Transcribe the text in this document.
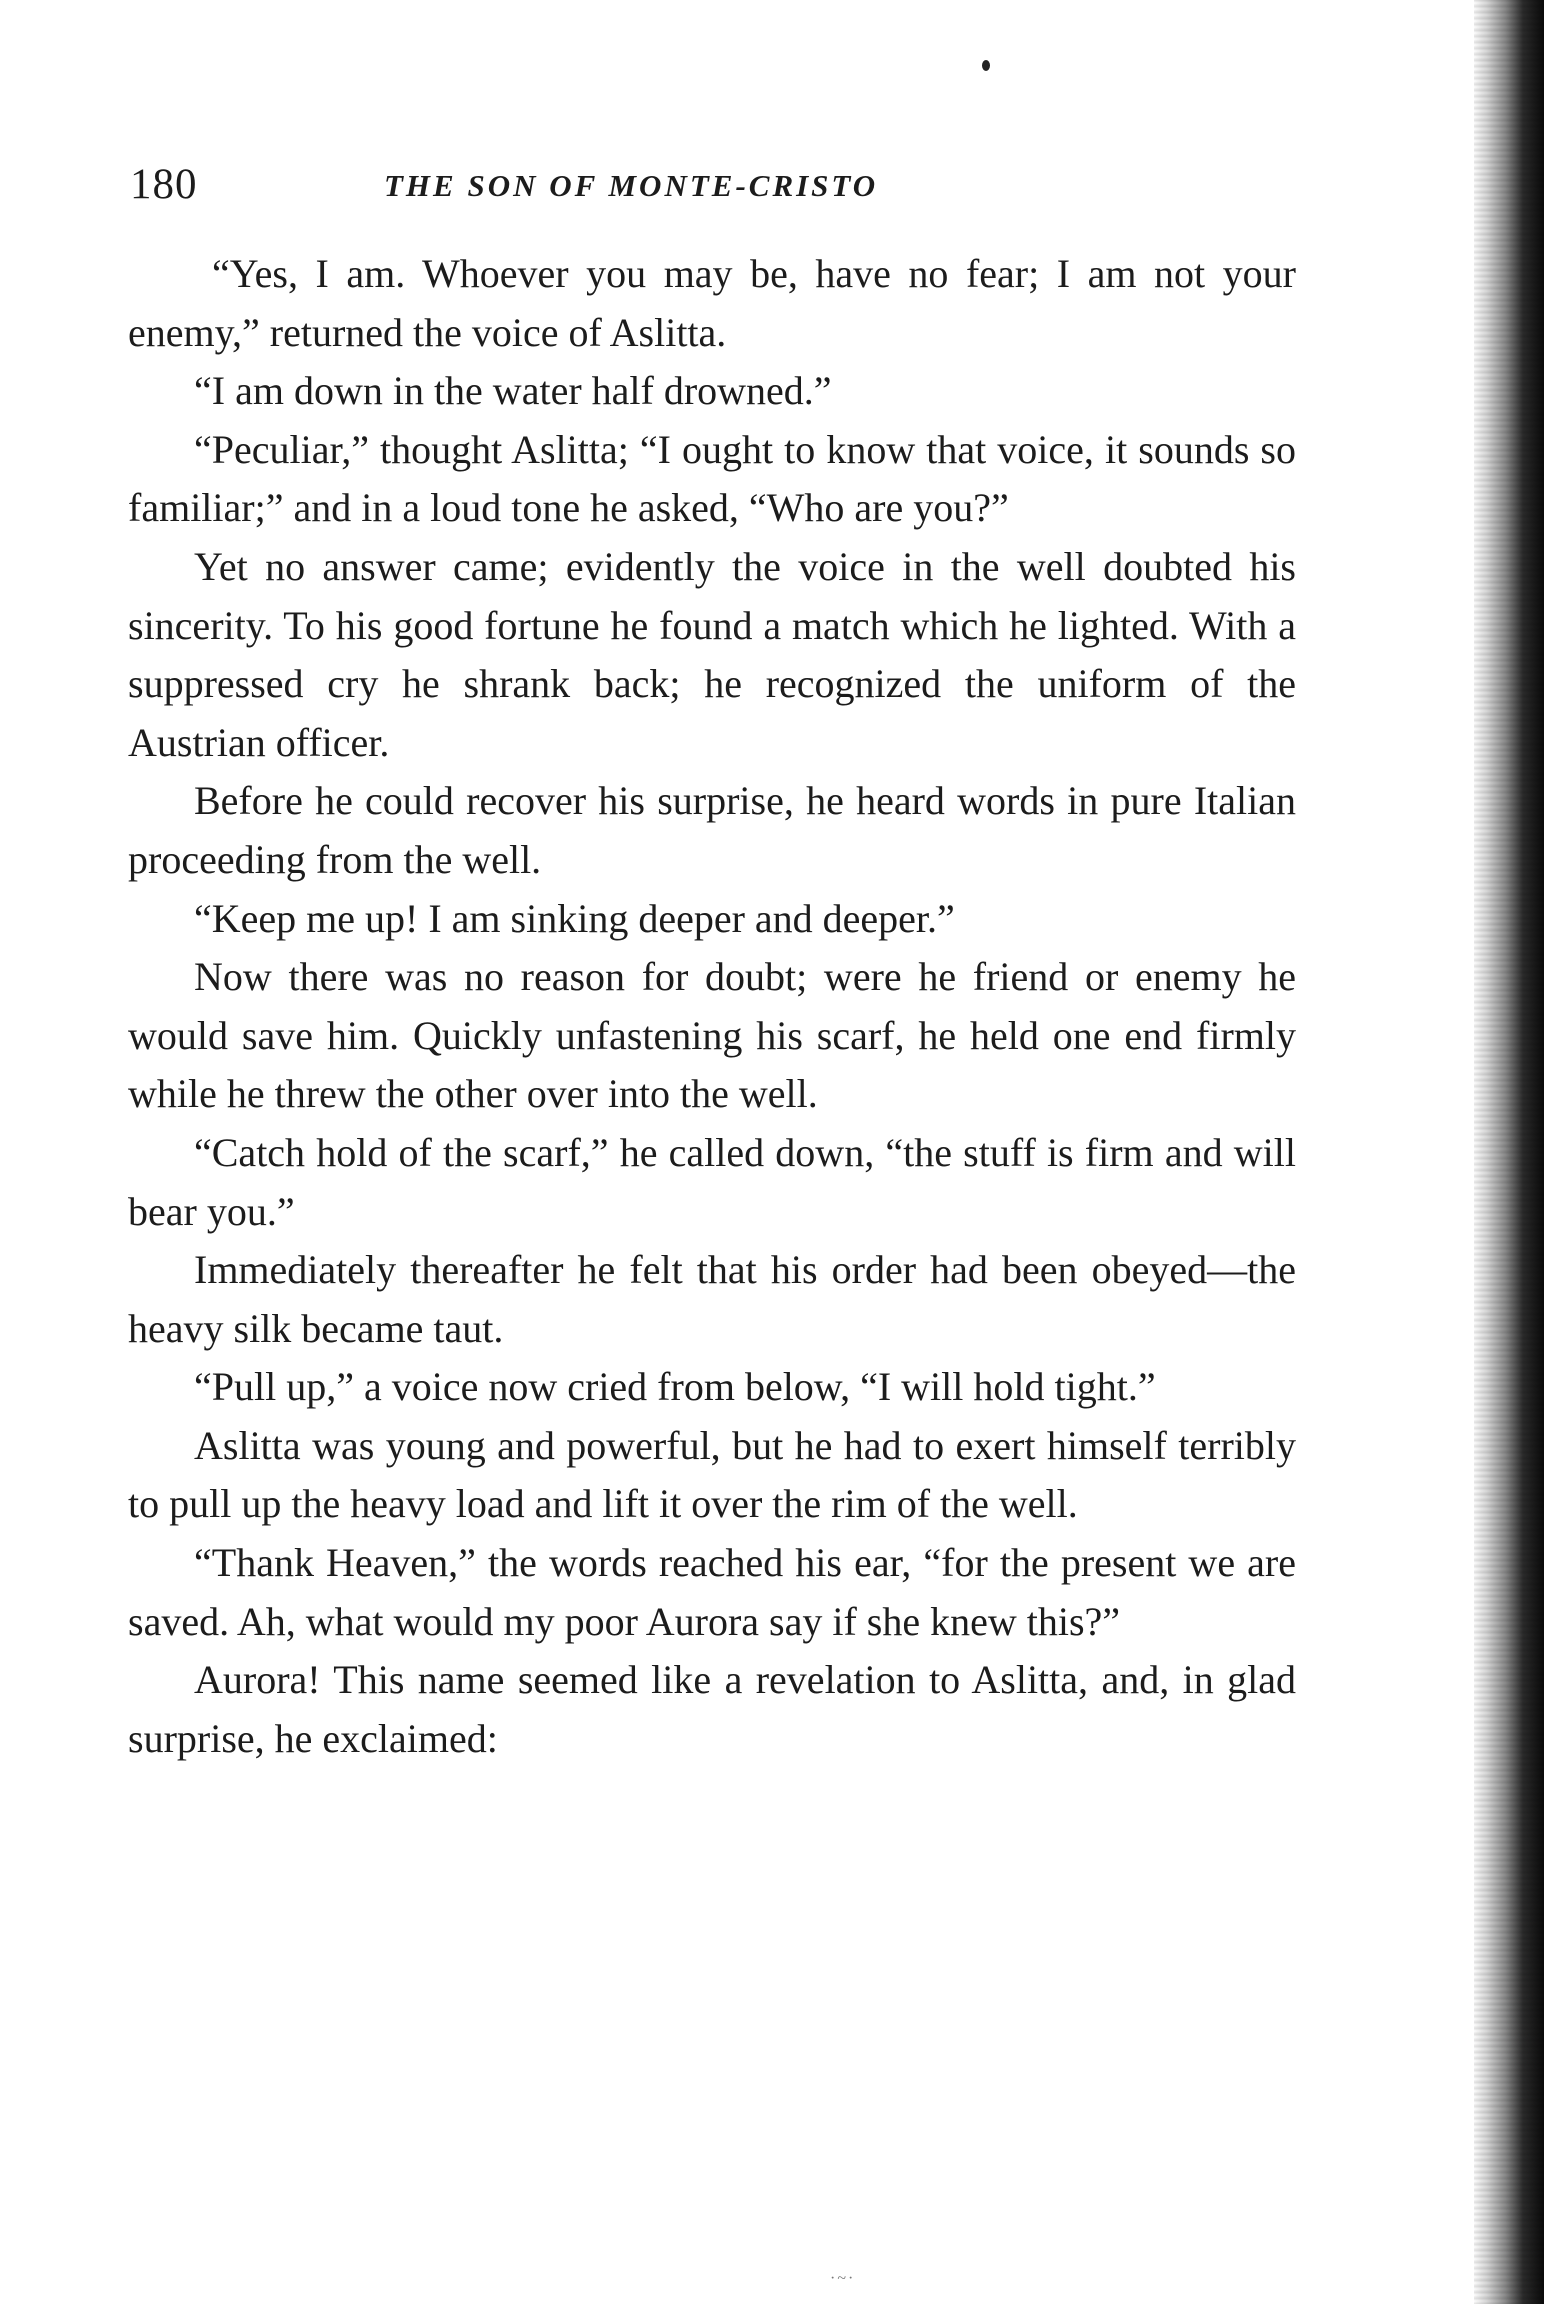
180	THE SON OF MONTE-CRISTO

“Yes, I am. Whoever you may be, have no fear; I am not your enemy,” returned the voice of Aslitta.

“I am down in the water half drowned.”

“Peculiar,” thought Aslitta; “I ought to know that voice, it sounds so familiar;” and in a loud tone he asked, “Who are you?”

Yet no answer came; evidently the voice in the well doubted his sincerity. To his good fortune he found a match which he lighted. With a suppressed cry he shrank back; he recognized the uniform of the Austrian officer.

Before he could recover his surprise, he heard words in pure Italian proceeding from the well.

“Keep me up! I am sinking deeper and deeper.”

Now there was no reason for doubt; were he friend or enemy he would save him. Quickly unfastening his scarf, he held one end firmly while he threw the other over into the well.

“Catch hold of the scarf,” he called down, “the stuff is firm and will bear you.”

Immediately thereafter he felt that his order had been obeyed—the heavy silk became taut.

“Pull up,” a voice now cried from below, “I will hold tight.”

Aslitta was young and powerful, but he had to exert himself terribly to pull up the heavy load and lift it over the rim of the well.

“Thank Heaven,” the words reached his ear, “for the present we are saved. Ah, what would my poor Aurora say if she knew this?”

Aurora! This name seemed like a revelation to Aslitta, and, in glad surprise, he exclaimed:

·~·
